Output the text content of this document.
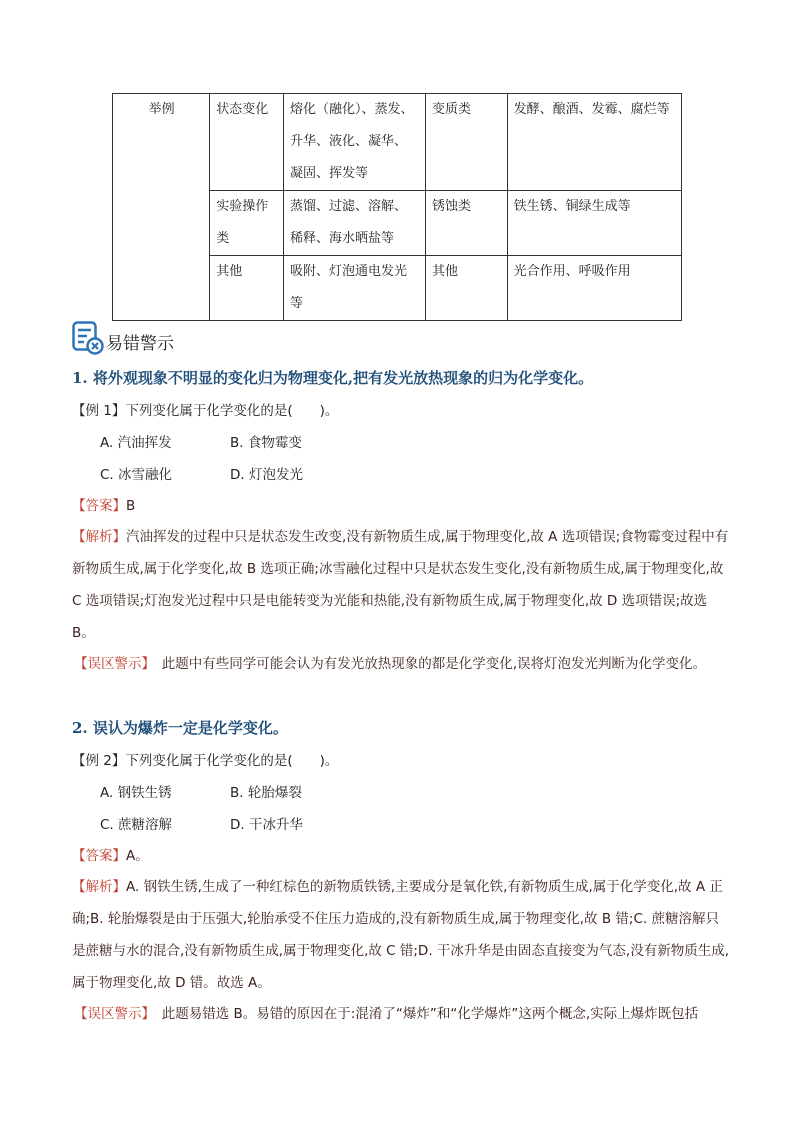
举例	状态变化	熔化（融化）、蒸发、升华、液化、凝华、凝固、挥发等	变质类	发酵、酿酒、发霉、腐烂等
	实验操作类	蒸馏、过滤、溶解、稀释、海水晒盐等	锈蚀类	铁生锈、铜绿生成等
	其他	吸附、灯泡通电发光等	其他	光合作用、呼吸作用
易错警示
1. 将外观现象不明显的变化归为物理变化,把有发光放热现象的归为化学变化。
【例 1】下列变化属于化学变化的是(　　)。
A. 汽油挥发	B. 食物霉变
C. 冰雪融化	D. 灯泡发光
【答案】B
【解析】汽油挥发的过程中只是状态发生改变,没有新物质生成,属于物理变化,故 A 选项错误;食物霉变过程中有新物质生成,属于化学变化,故 B 选项正确;冰雪融化过程中只是状态发生变化,没有新物质生成,属于物理变化,故 C 选项错误;灯泡发光过程中只是电能转变为光能和热能,没有新物质生成,属于物理变化,故 D 选项错误;故选 B。
【误区警示】　此题中有些同学可能会认为有发光放热现象的都是化学变化,误将灯泡发光判断为化学变化。
2. 误认为爆炸一定是化学变化。
【例 2】下列变化属于化学变化的是(　　)。
A. 钢铁生锈	B. 轮胎爆裂
C. 蔗糖溶解	D. 干冰升华
【答案】A。
【解析】A. 钢铁生锈,生成了一种红棕色的新物质铁锈,主要成分是氧化铁,有新物质生成,属于化学变化,故 A 正确;B. 轮胎爆裂是由于压强大,轮胎承受不住压力造成的,没有新物质生成,属于物理变化,故 B 错;C. 蔗糖溶解只是蔗糖与水的混合,没有新物质生成,属于物理变化,故 C 错;D. 干冰升华是由固态直接变为气态,没有新物质生成,属于物理变化,故 D 错。故选 A。
【误区警示】　此题易错选 B。易错的原因在于:混淆了“爆炸”和“化学爆炸”这两个概念,实际上爆炸既包括
